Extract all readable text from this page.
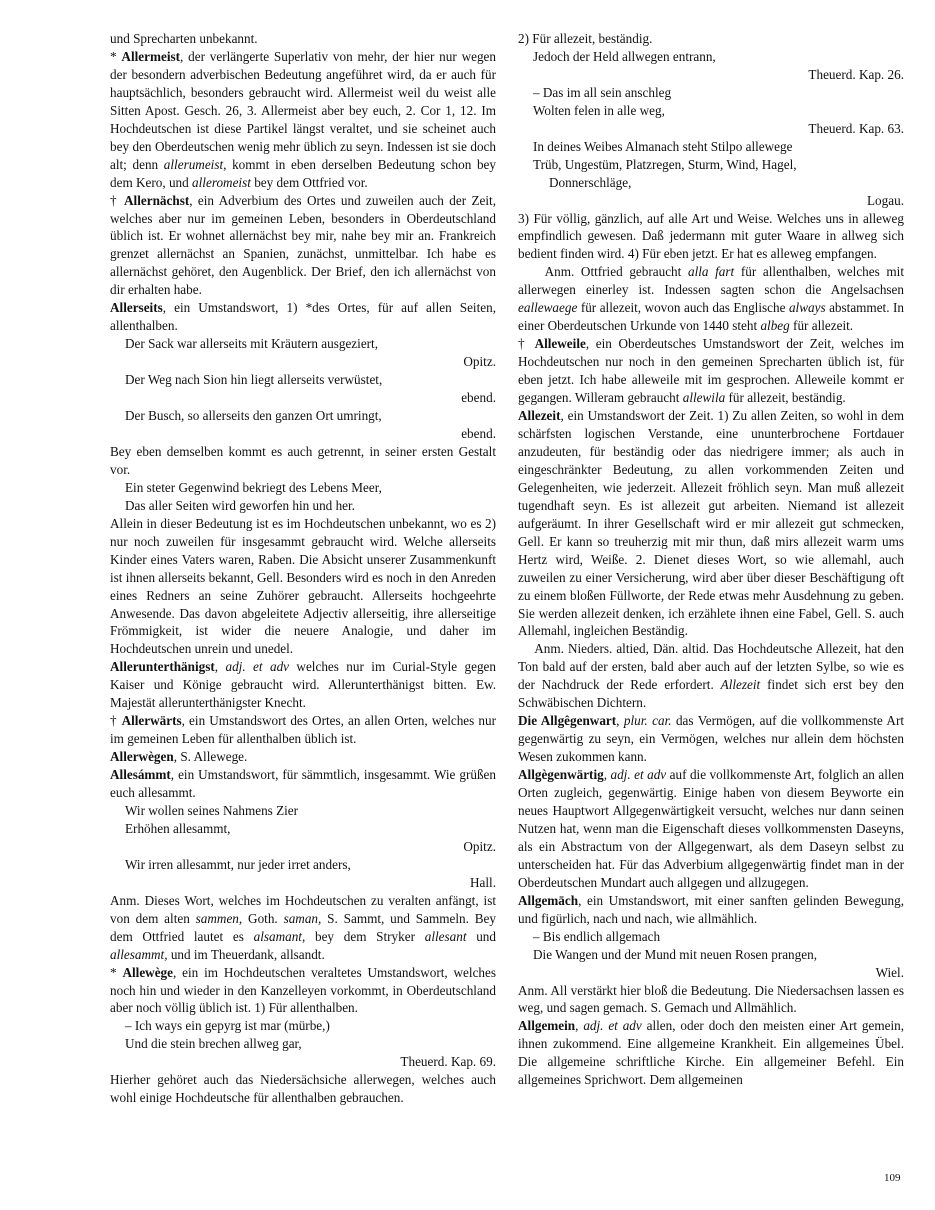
und Sprecharten unbekannt.

* Allermeist, der verlängerte Superlativ von mehr, der hier nur wegen der besondern adverbischen Bedeutung angeführet wird, da er auch für hauptsächlich, besonders gebraucht wird. Allermeist weil du weist alle Sitten Apost. Gesch. 26, 3. Allermeist aber bey euch, 2. Cor 1, 12. Im Hochdeutschen ist diese Partikel längst veraltet, und sie scheinet auch bey den Oberdeutschen wenig mehr üblich zu seyn. Indessen ist sie doch alt; denn allerumeist, kommt in eben derselben Bedeutung schon bey dem Kero, und alleromeist bey dem Ottfried vor.

† Allernächst, ein Adverbium des Ortes und zuweilen auch der Zeit, welches aber nur im gemeinen Leben, besonders in Oberdeutschland üblich ist. Er wohnet allernächst bey mir, nahe bey mir an. Frankreich grenzet allernächst an Spanien, zunächst, unmittelbar. Ich habe es allernächst gehöret, den Augenblick. Der Brief, den ich allernächst von dir erhalten habe.

Allerseits, ein Umstandswort, 1) *des Ortes, für auf allen Seiten, allenthalben.

Der Sack war allerseits mit Kräutern ausgeziert,

Opitz.

Der Weg nach Sion hin liegt allerseits verwüstet,

ebend.

Der Busch, so allerseits den ganzen Ort umringt,

ebend.

Bey eben demselben kommt es auch getrennt, in seiner ersten Gestalt vor.

Ein steter Gegenwind bekriegt des Lebens Meer,

Das aller Seiten wird geworfen hin und her.

Allein in dieser Bedeutung ist es im Hochdeutschen unbekannt, wo es 2) nur noch zuweilen für insgesammt gebraucht wird. Welche allerseits Kinder eines Vaters waren, Raben. Die Absicht unserer Zusammenkunft ist ihnen allerseits bekannt, Gell. Besonders wird es noch in den Anreden eines Redners an seine Zuhörer gebraucht. Allerseits hochgeehrte Anwesende. Das davon abgeleitete Adjectiv allerseitig, ihre allerseitige Frömmigkeit, ist wider die neuere Analogie, und daher im Hochdeutschen unrein und unedel.

Allerunterthänigst, adj. et adv welches nur im Curial-Style gegen Kaiser und Könige gebraucht wird. Allerunterthänigst bitten. Ew. Majestät allerunterthänigster Knecht.

† Allerwärts, ein Umstandswort des Ortes, an allen Orten, welches nur im gemeinen Leben für allenthalben üblich ist.

Allerwègen, S. Allewege.

Allesámmt, ein Umstandswort, für sämmtlich, insgesammt. Wie grüßen euch allesammt.

Wir wollen seines Nahmens Zier

Erhöhen allesammt,

Opitz.

Wir irren allesammt, nur jeder irret anders,

Hall.

Anm. Dieses Wort, welches im Hochdeutschen zu veralten anfängt, ist von dem alten sammen, Goth. saman, S. Sammt, und Sammeln. Bey dem Ottfried lautet es alsamant, bey dem Stryker allesant und allesammt, und im Theuerdank, allsandt.

* Allewège, ein im Hochdeutschen veraltetes Umstandswort, welches noch hin und wieder in den Kanzelleyen vorkommt, in Oberdeutschland aber noch völlig üblich ist. 1) Für allenthalben.

– Ich ways ein gepyrg ist mar (mürbe,)

Und die stein brechen allweg gar,

Theuerd. Kap. 69.

Hierher gehöret auch das Niedersächsiche allerwegen, welches auch wohl einige Hochdeutsche für allenthalben gebrauchen.

2) Für allezeit, beständig.

Jedoch der Held allwegen entrann,

Theuerd. Kap. 26.

– Das im all sein anschleg

Wolten felen in alle weg,

Theuerd. Kap. 63.

In deines Weibes Almanach steht Stilpo allewege

Trüb, Ungestüm, Platzregen, Sturm, Wind, Hagel,

Donnerschläge,

Logau.

3) Für völlig, gänzlich, auf alle Art und Weise. Welches uns in alleweg empfindlich gewesen. Daß jedermann mit guter Waare in allweg sich bedient finden wird. 4) Für eben jetzt. Er hat es alleweg empfangen.

Anm. Ottfried gebraucht alla fart für allenthalben, welches mit allerwegen einerley ist. Indessen sagten schon die Angelsachsen eallewaege für allezeit, wovon auch das Englische always abstammet. In einer Oberdeutschen Urkunde von 1440 steht albeg für allezeit.

† Alleweile, ein Oberdeutsches Umstandswort der Zeit, welches im Hochdeutschen nur noch in den gemeinen Sprecharten üblich ist, für eben jetzt. Ich habe alleweile mit im gesprochen. Alleweile kommt er gegangen. Willeram gebraucht allewila für allezeit, beständig.

Allezeit, ein Umstandswort der Zeit. 1) Zu allen Zeiten, so wohl in dem schärfsten logischen Verstande, eine ununterbrochene Fortdauer anzudeuten, für beständig oder das niedrigere immer; als auch in eingeschränkter Bedeutung, zu allen vorkommenden Zeiten und Gelegenheiten, wie jederzeit. Allezeit fröhlich seyn. Man muß allezeit tugendhaft seyn. Es ist allezeit gut arbeiten. Niemand ist allezeit aufgeräumt. In ihrer Gesellschaft wird er mir allezeit gut schmecken, Gell. Er kann so treuherzig mit mir thun, daß mirs allezeit warm ums Hertz wird, Weiße. 2. Dienet dieses Wort, so wie allemahl, auch zuweilen zu einer Versicherung, wird aber über dieser Beschäftigung oft zu einem bloßen Füllworte, der Rede etwas mehr Ausdehnung zu geben. Sie werden allezeit denken, ich erzählete ihnen eine Fabel, Gell. S. auch Allemahl, ingleichen Beständig.

Anm. Nieders. altied, Dän. altid. Das Hochdeutsche Allezeit, hat den Ton bald auf der ersten, bald aber auch auf der letzten Sylbe, so wie es der Nachdruck der Rede erfordert. Allezeit findet sich erst bey den Schwäbischen Dichtern.

Die Allgêgenwart, plur. car. das Vermögen, auf die vollkommenste Art gegenwärtig zu seyn, ein Vermögen, welches nur allein dem höchsten Wesen zukommen kann.

Allgègenwärtig, adj. et adv auf die vollkommenste Art, folglich an allen Orten zugleich, gegenwärtig. Einige haben von diesem Beyworte ein neues Hauptwort Allgegenwärtigkeit versucht, welches nur dann seinen Nutzen hat, wenn man die Eigenschaft dieses vollkommensten Daseyns, als ein Abstractum von der Allgegenwart, als dem Daseyn selbst zu unterscheiden hat. Für das Adverbium allgegenwärtig findet man in der Oberdeutschen Mundart auch allgegen und allzugegen.

Allgemāch, ein Umstandswort, mit einer sanften gelinden Bewegung, und figürlich, nach und nach, wie allmählich.

– Bis endlich allgemach

Die Wangen und der Mund mit neuen Rosen prangen,

Wiel.

Anm. All verstärkt hier bloß die Bedeutung. Die Niedersachsen lassen es weg, und sagen gemach. S. Gemach und Allmählich.

Allgemein, adj. et adv allen, oder doch den meisten einer Art gemein, ihnen zukommend. Eine allgemeine Krankheit. Ein allgemeines Übel. Die allgemeine schriftliche Kirche. Ein allgemeiner Befehl. Ein allgemeines Sprichwort. Dem allgemeinen

109
